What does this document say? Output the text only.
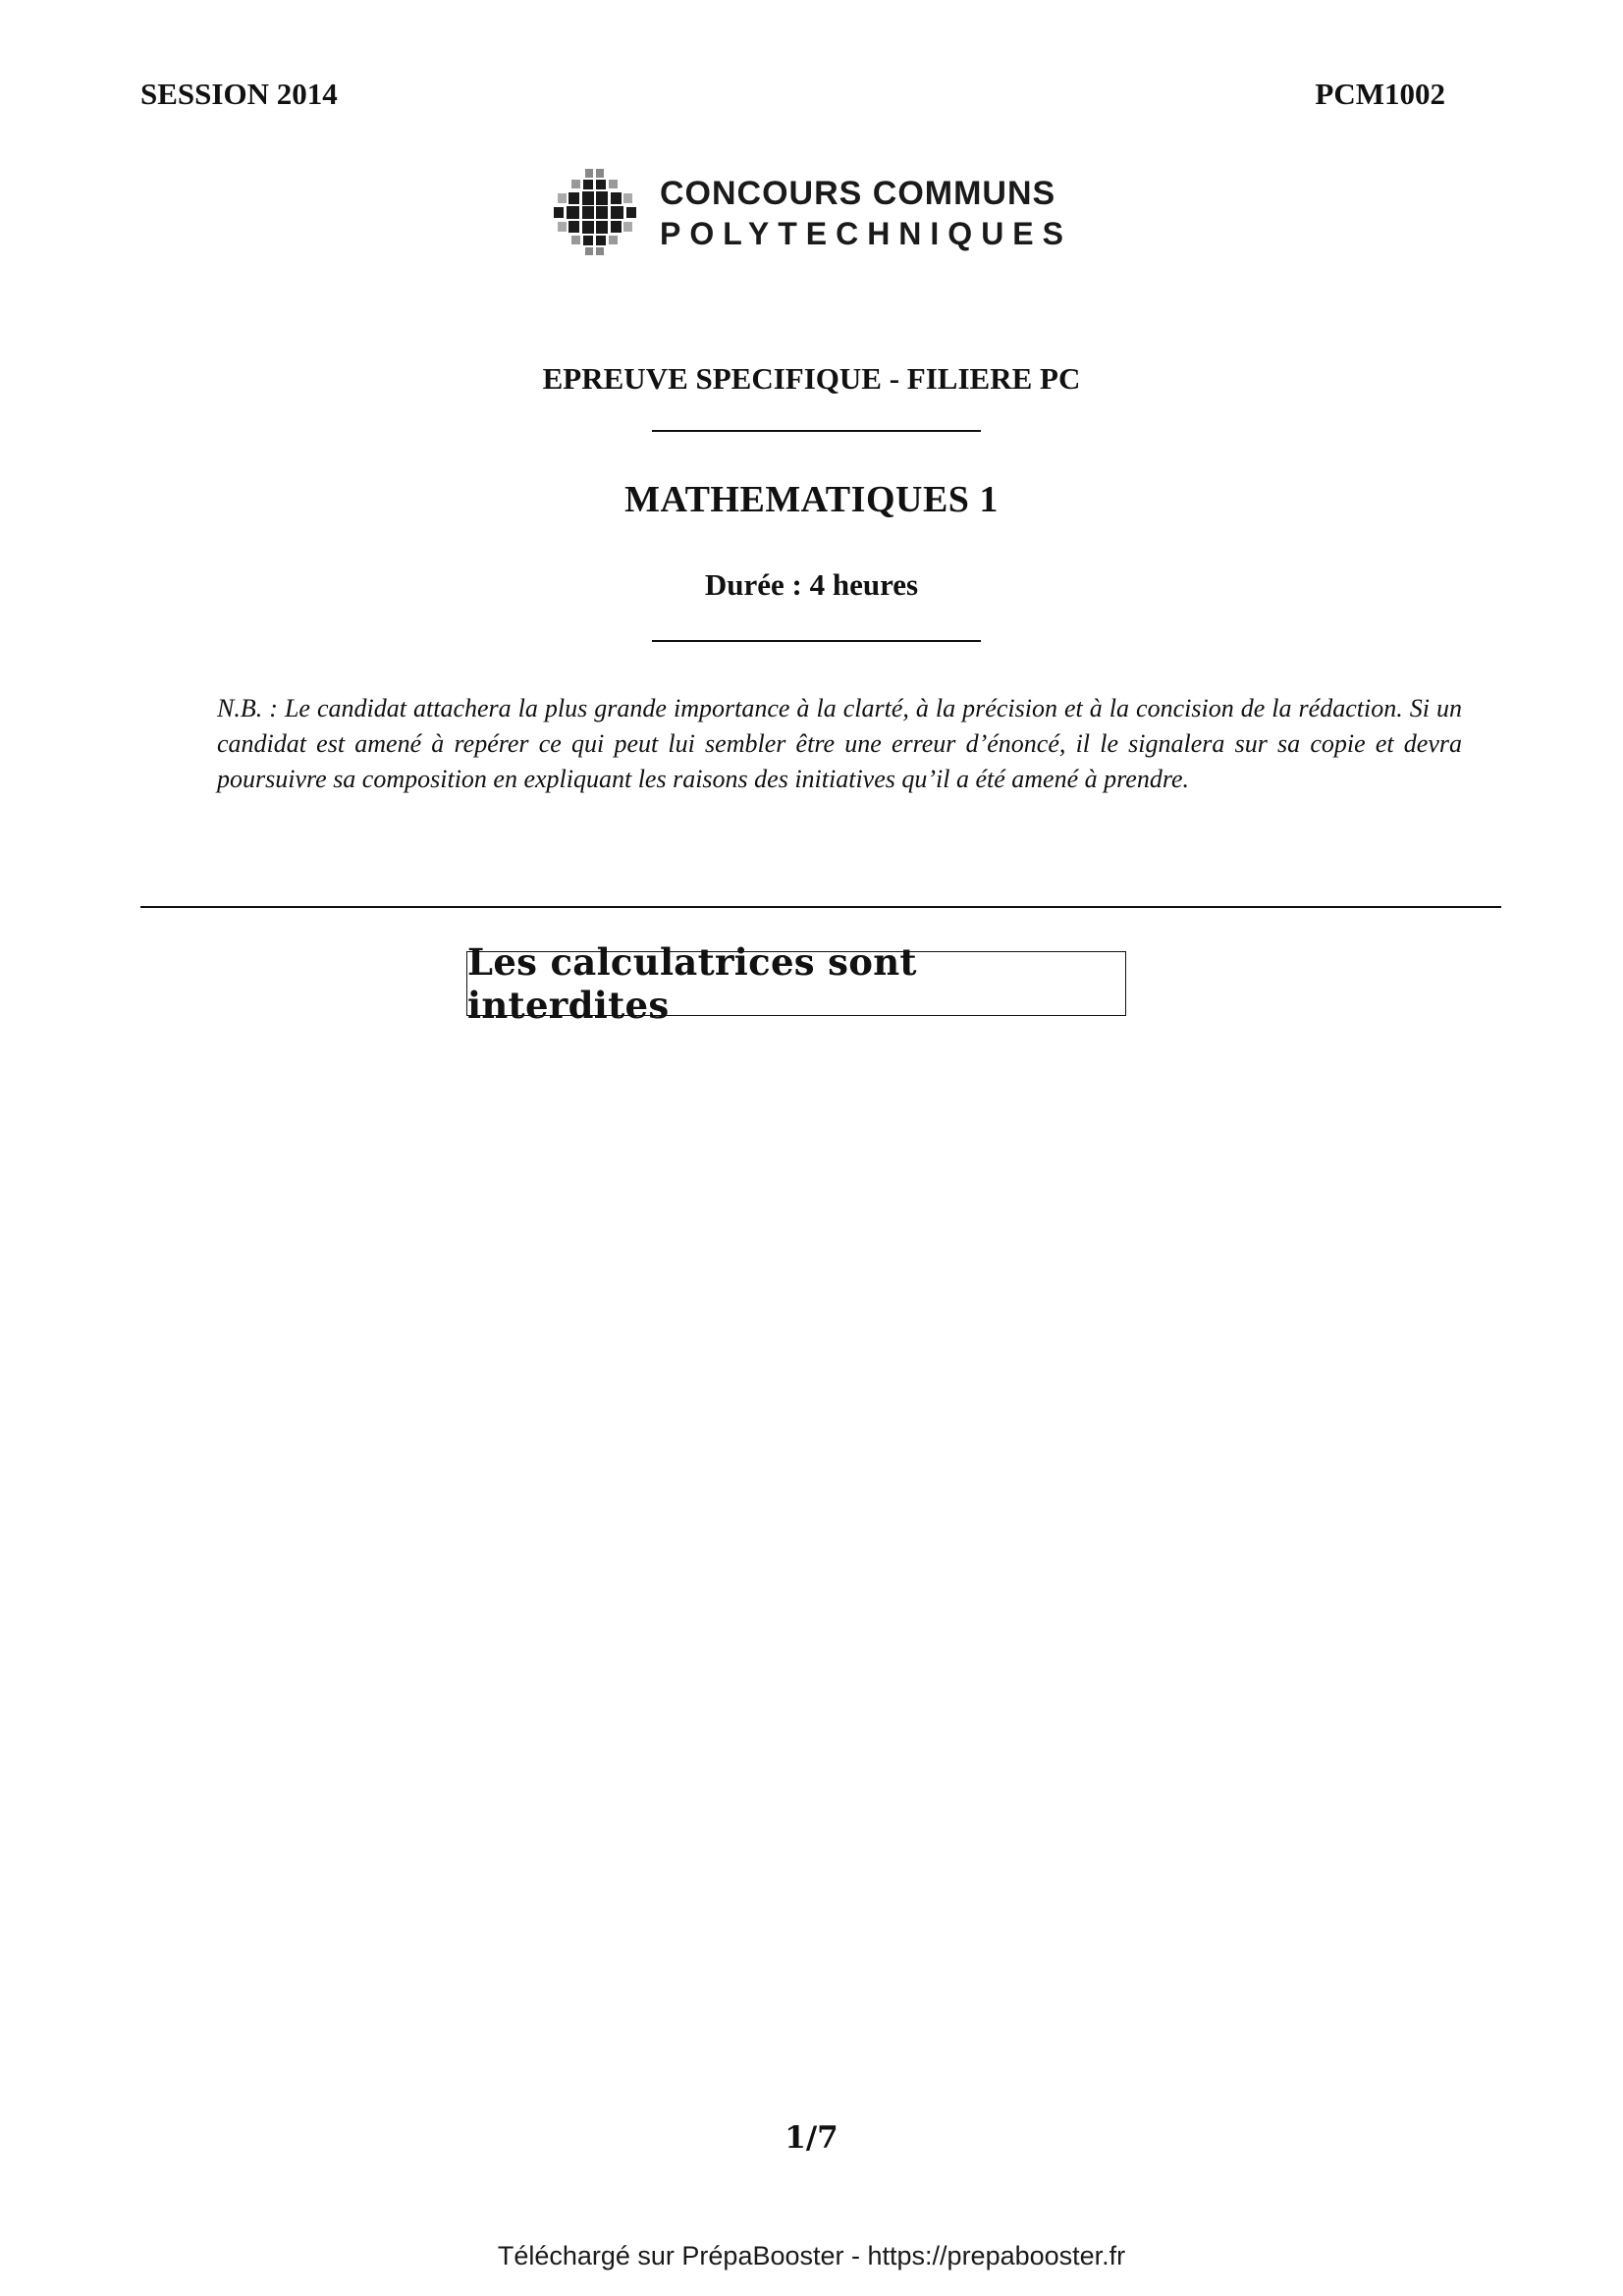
SESSION 2014	PCM1002
CONCOURS COMMUNS
POLYTECHNIQUES
EPREUVE SPECIFIQUE - FILIERE PC
MATHEMATIQUES 1
Durée : 4 heures
N.B. : Le candidat attachera la plus grande importance à la clarté, à la précision et à la concision de la rédaction. Si un candidat est amené à repérer ce qui peut lui sembler être une erreur d’énoncé, il le signalera sur sa copie et devra poursuivre sa composition en expliquant les raisons des initiatives qu’il a été amené à prendre.
Les calculatrices sont interdites
1/7
Téléchargé sur PrépaBooster - https://prepabooster.fr
